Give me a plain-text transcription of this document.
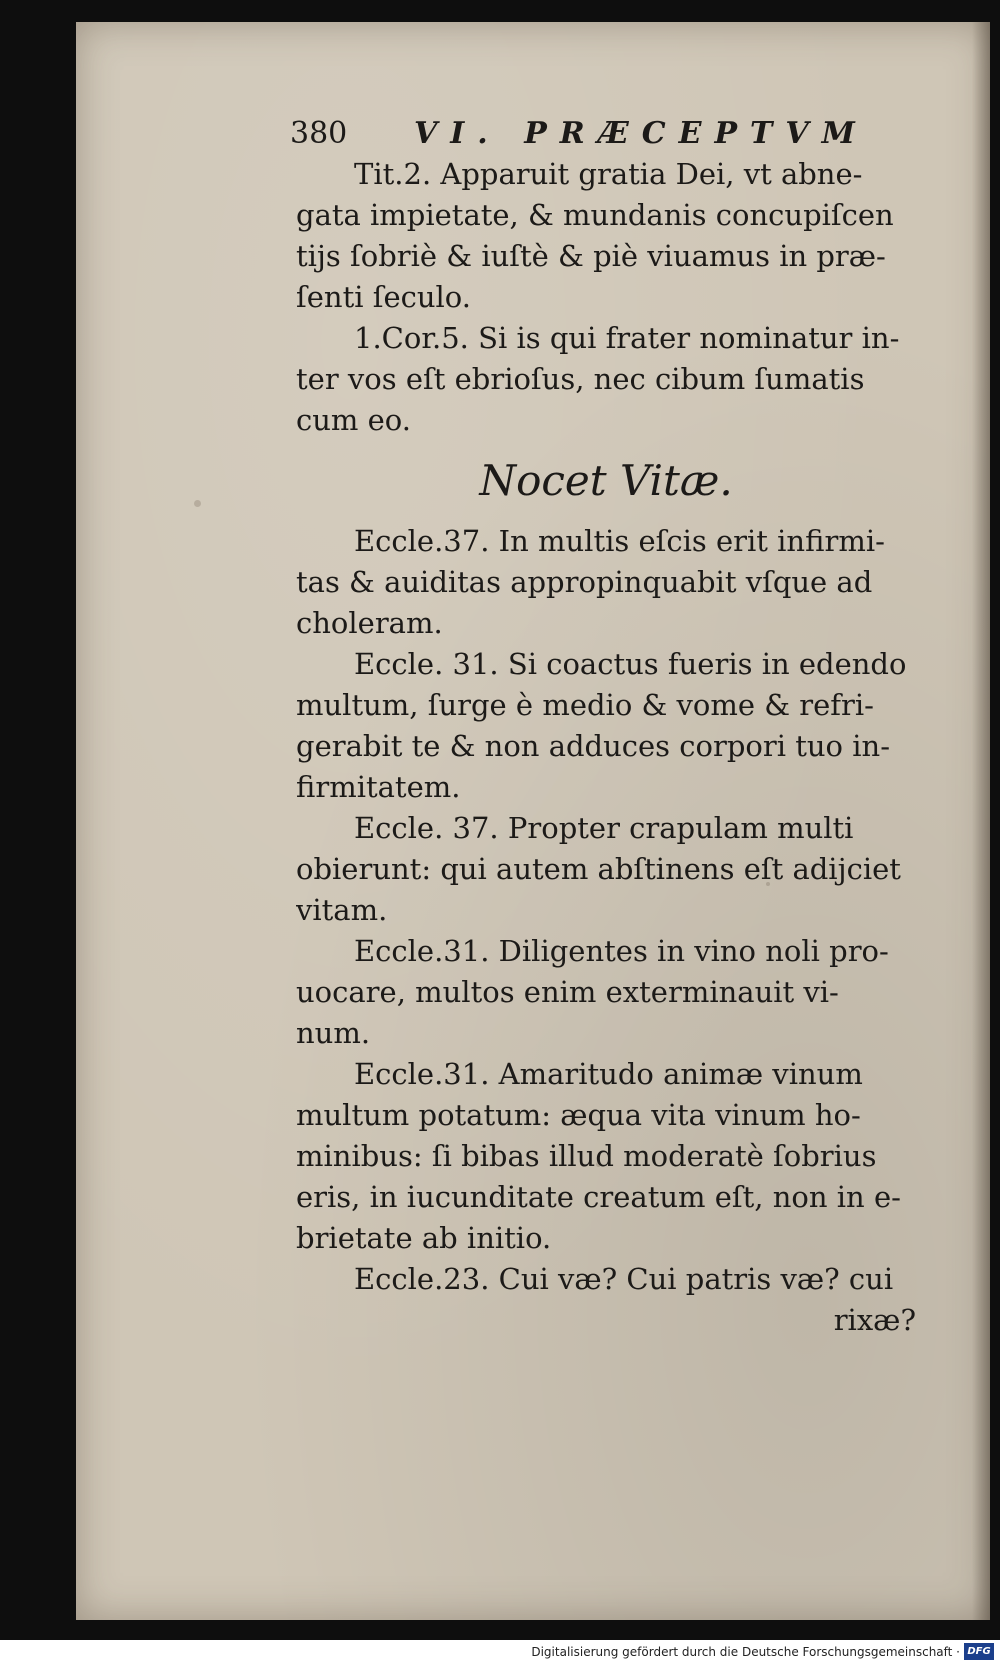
380 VI. PRÆCEPTVM
Tit.2. Apparuit gratia Dei, vt abne-
gata impietate, & mundanis concupiſcen
tijs ſobriè & iuſtè & piè viuamus in præ-
ſenti ſeculo.
1.Cor.5. Si is qui frater nominatur in-
ter vos eſt ebrioſus, nec cibum ſumatis
cum eo.
Nocet Vitæ.
Eccle.37. In multis eſcis erit infirmi-
tas & auiditas appropinquabit vſque ad
choleram.
Eccle. 31. Si coactus fueris in edendo
multum, ſurge è medio & vome & refri-
gerabit te & non adduces corpori tuo in-
firmitatem.
Eccle. 37. Propter crapulam multi
obierunt: qui autem abſtinens eſt adijciet
vitam.
Eccle.31. Diligentes in vino noli pro-
uocare, multos enim exterminauit vi-
num.
Eccle.31. Amaritudo animæ vinum
multum potatum: æqua vita vinum ho-
minibus: ſi bibas illud moderatè ſobrius
eris, in iucunditate creatum eſt, non in e-
brietate ab initio.
Eccle.23. Cui væ? Cui patris væ? cui
rixæ?
Digitalisierung gefördert durch die Deutsche Forschungsgemeinschaft · DFG
